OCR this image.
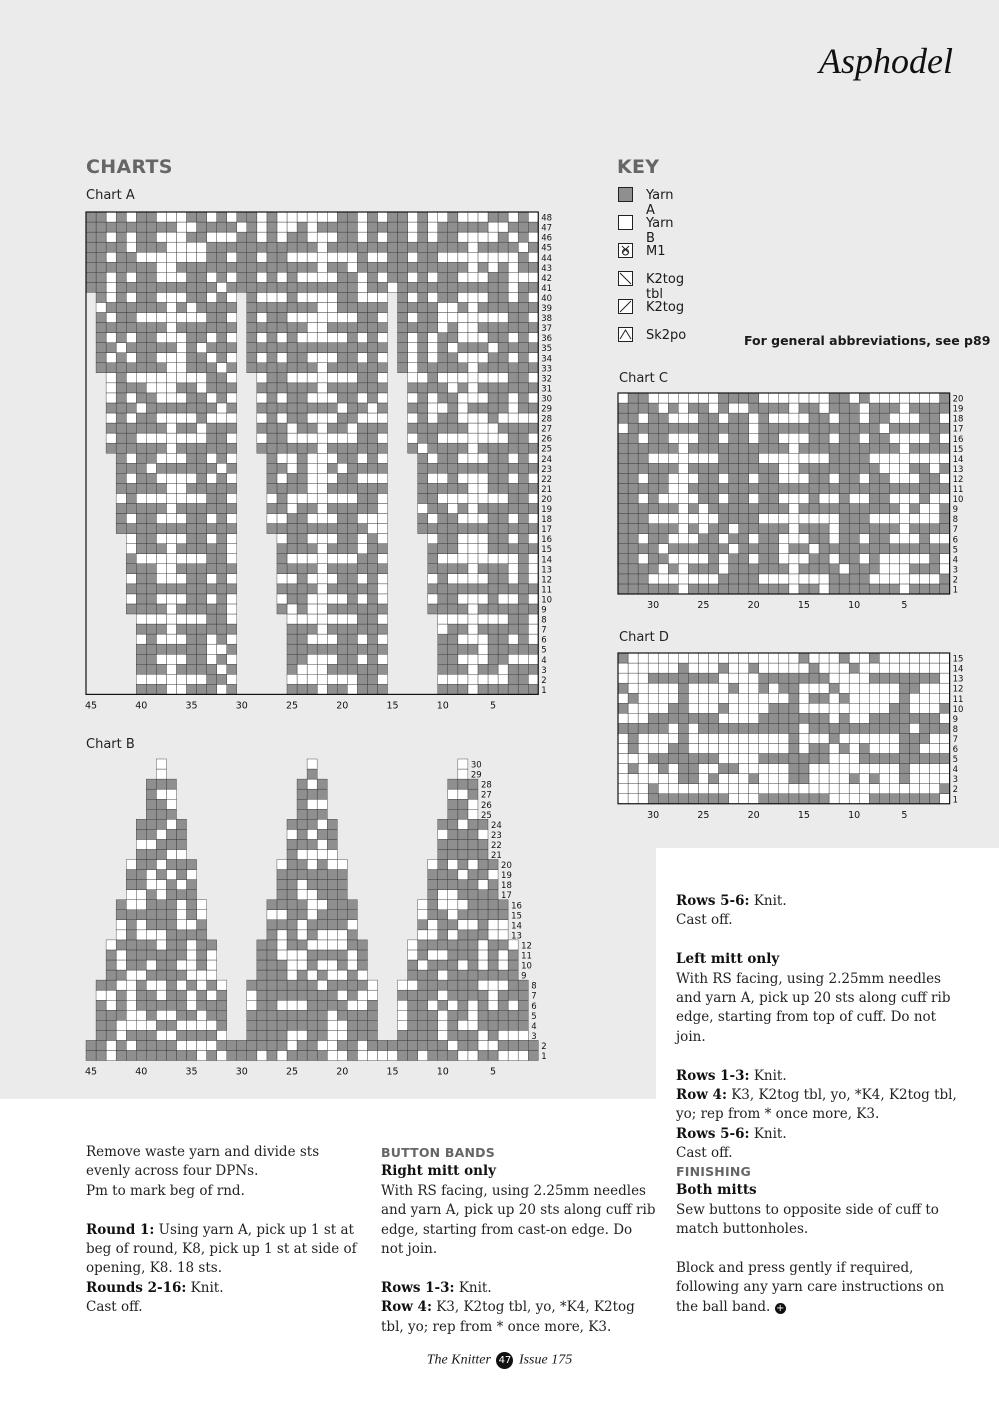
Asphodel
CHARTS	KEY
Chart A
Chart B
Chart C
Chart D
Yarn A
Yarn B
M1
K2tog tbl
K2tog
Sk2po	For general abbreviations, see p89
1
2
3
4
5
6
7
8
9
10
11
12
13
14
15
16
17
18
19
20
21
22
23
24
25
26
27
28
29
30
31
32
33
34
35
36
37
38
39
40
41
42
43
44
45
46
47
48
45	40	35	30	25	20	15	10	5
1
2
3
4
5
6
7
8
9
10
11
12
13
14
15
16
17
18
19
20
21
22
23
24
25
26
27
28
29
30
45	40	35	30	25	20	15	10	5
1
2
3
4
5
6
7
8
9
10
11
12
13
14
15
16
17
18
19
20
30	25	20	15	10	5
1
2
3
4
5
6
7
8
9
10
11
12
13
14
15
30	25	20	15	10	5

Remove waste yarn and divide sts evenly across four DPNs.

Pm to mark beg of rnd.

Round 1: Using yarn A, pick up 1 st at beg of round, K8, pick up 1 st at side of opening, K8. 18 sts.

Rounds 2-16: Knit.

Cast off.

BUTTON BANDS

Right mitt only

With RS facing, using 2.25mm needles and yarn A, pick up 20 sts along cuff rib edge, starting from cast-on edge. Do not join.

Rows 1-3: Knit.

Row 4: K3, K2tog tbl, yo, *K4, K2tog tbl, yo; rep from * once more, K3.

Rows 5-6: Knit.

Cast off.

Left mitt only

With RS facing, using 2.25mm needles and yarn A, pick up 20 sts along cuff rib edge, starting from top of cuff. Do not join.

Rows 1-3: Knit.

Row 4: K3, K2tog tbl, yo, *K4, K2tog tbl, yo; rep from * once more, K3.

Rows 5-6: Knit.

Cast off.

FINISHING

Both mitts

Sew buttons to opposite side of cuff to match buttonholes.

Block and press gently if required, following any yarn care instructions on the ball band. +

The Knitter 47 Issue 175
